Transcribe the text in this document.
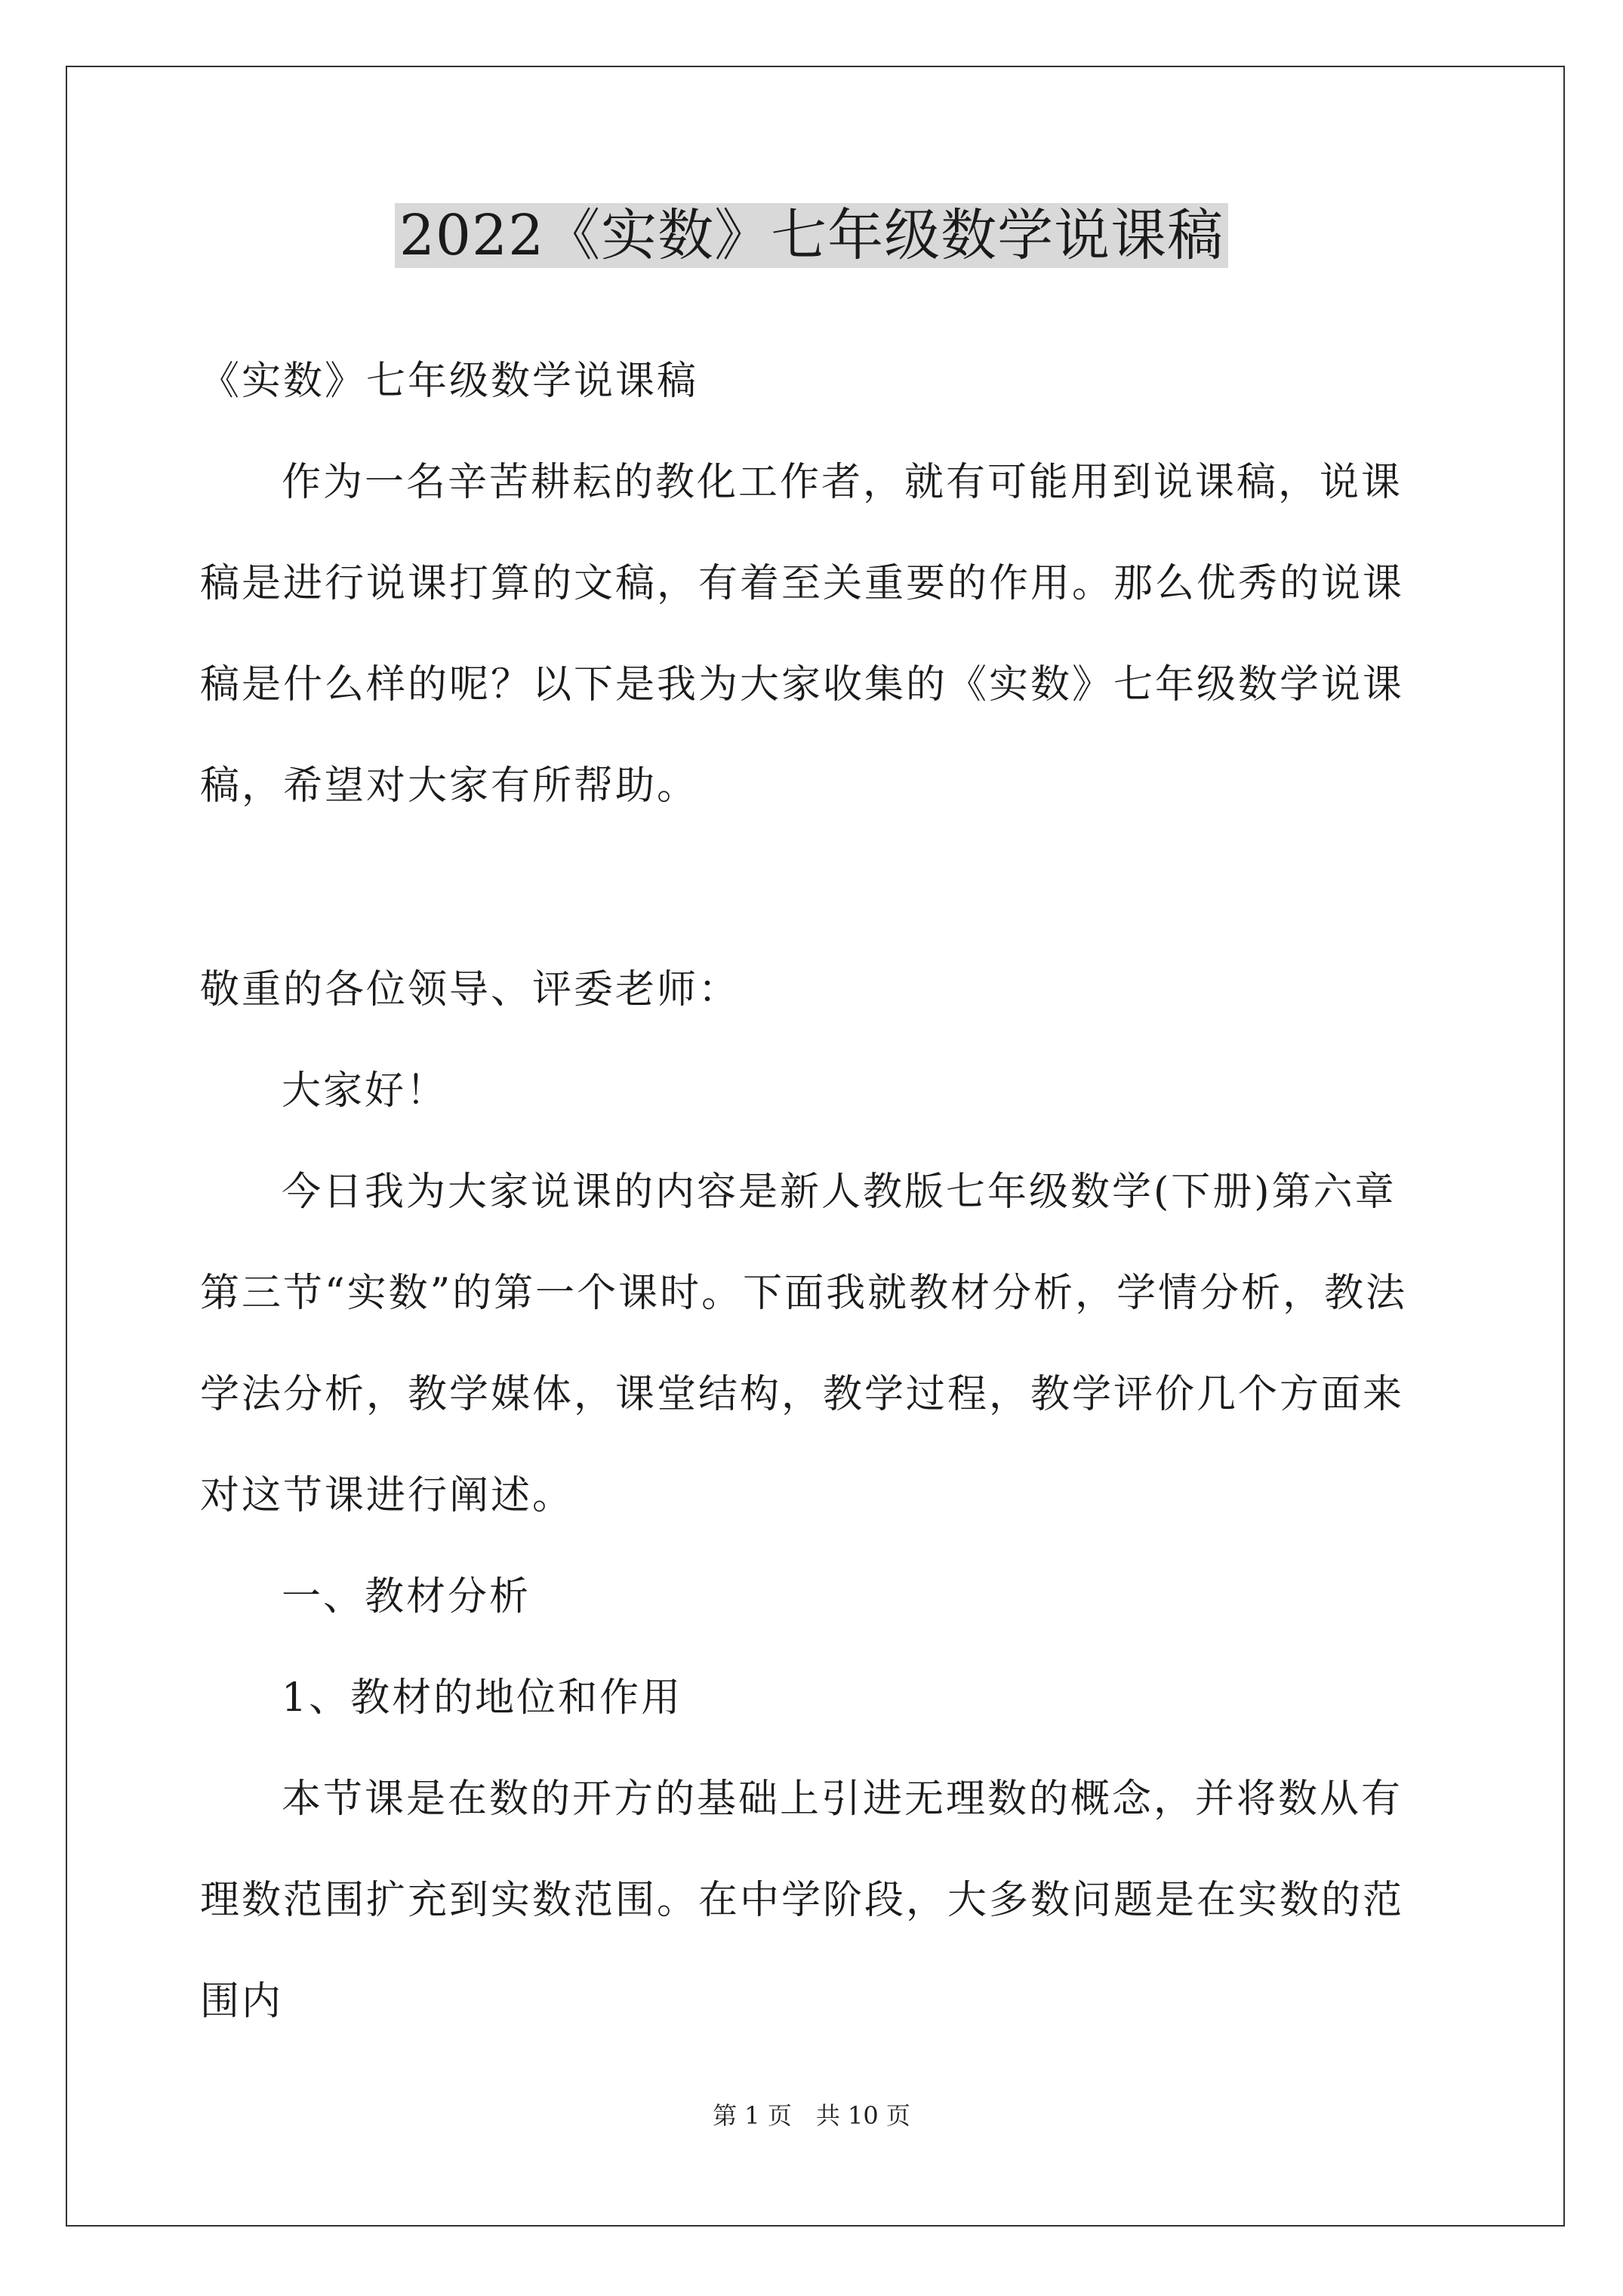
2022《实数》七年级数学说课稿

《实数》七年级数学说课稿

作为一名辛苦耕耘的教化工作者，就有可能用到说课稿，说课稿是进行说课打算的文稿，有着至关重要的作用。那么优秀的说课稿是什么样的呢？以下是我为大家收集的《实数》七年级数学说课稿，希望对大家有所帮助。

敬重的各位领导、评委老师：

大家好！

今日我为大家说课的内容是新人教版七年级数学(下册)第六章第三节“实数”的第一个课时。下面我就教材分析，学情分析，教法学法分析，教学媒体，课堂结构，教学过程，教学评价几个方面来对这节课进行阐述。

一、教材分析

1、教材的地位和作用

本节课是在数的开方的基础上引进无理数的概念，并将数从有理数范围扩充到实数范围。在中学阶段，大多数问题是在实数的范围内

第 1 页　共 10 页
